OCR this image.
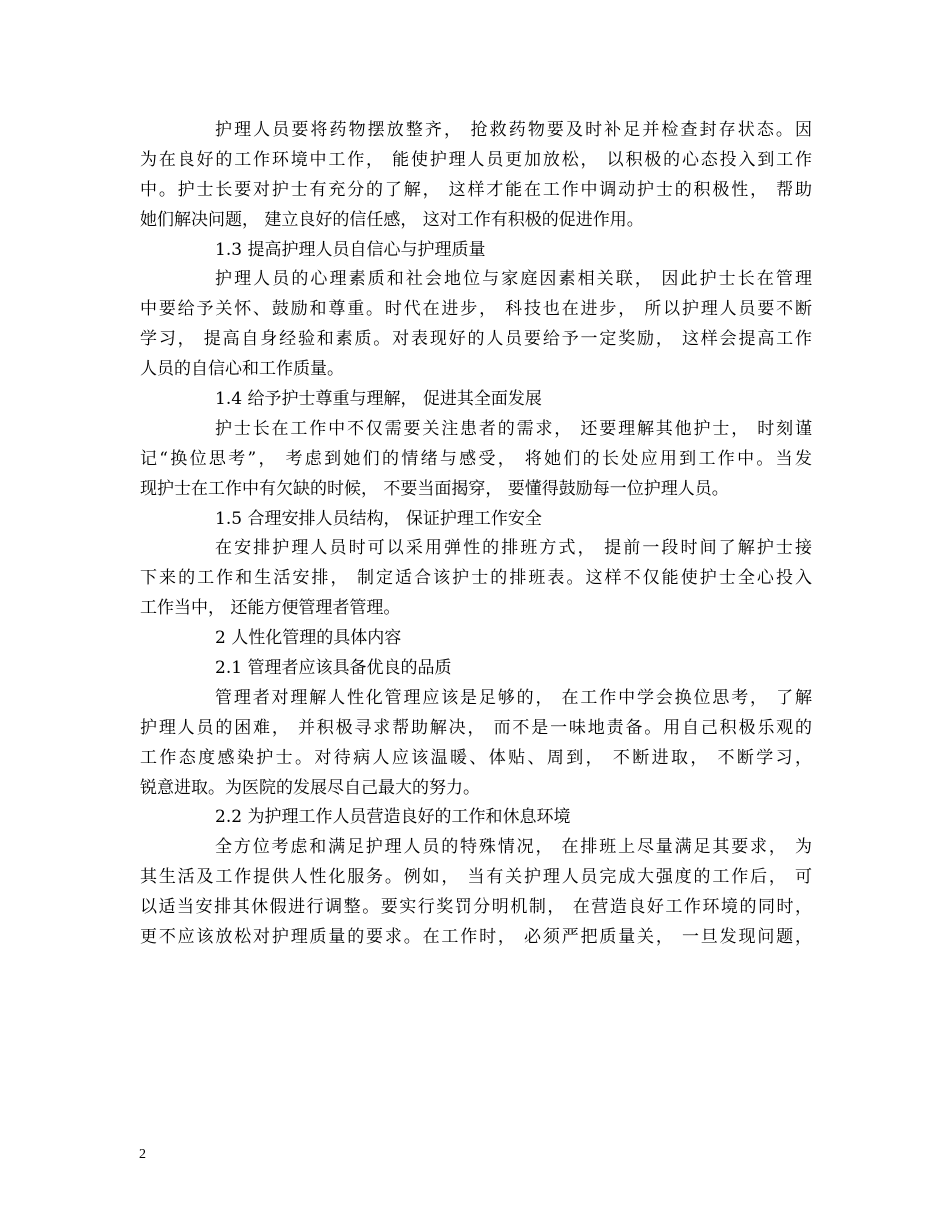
护理人员要将药物摆放整齐， 抢救药物要及时补足并检查封存状态。因
为在良好的工作环境中工作， 能使护理人员更加放松， 以积极的心态投入到工作
中。护士长要对护士有充分的了解， 这样才能在工作中调动护士的积极性， 帮助
她们解决问题， 建立良好的信任感， 这对工作有积极的促进作用。
1.3 提高护理人员自信心与护理质量
护理人员的心理素质和社会地位与家庭因素相关联， 因此护士长在管理
中要给予关怀、鼓励和尊重。时代在进步， 科技也在进步， 所以护理人员要不断
学习， 提高自身经验和素质。对表现好的人员要给予一定奖励， 这样会提高工作
人员的自信心和工作质量。
1.4 给予护士尊重与理解， 促进其全面发展
护士长在工作中不仅需要关注患者的需求， 还要理解其他护士， 时刻谨
记“换位思考”， 考虑到她们的情绪与感受， 将她们的长处应用到工作中。当发
现护士在工作中有欠缺的时候， 不要当面揭穿， 要懂得鼓励每一位护理人员。
1.5 合理安排人员结构， 保证护理工作安全
在安排护理人员时可以采用弹性的排班方式， 提前一段时间了解护士接
下来的工作和生活安排， 制定适合该护士的排班表。这样不仅能使护士全心投入
工作当中， 还能方便管理者管理。
2 人性化管理的具体内容
2.1 管理者应该具备优良的品质
管理者对理解人性化管理应该是足够的， 在工作中学会换位思考， 了解
护理人员的困难， 并积极寻求帮助解决， 而不是一味地责备。用自己积极乐观的
工作态度感染护士。对待病人应该温暖、体贴、周到， 不断进取， 不断学习，
锐意进取。为医院的发展尽自己最大的努力。
2.2 为护理工作人员营造良好的工作和休息环境
全方位考虑和满足护理人员的特殊情况， 在排班上尽量满足其要求， 为
其生活及工作提供人性化服务。例如， 当有关护理人员完成大强度的工作后， 可
以适当安排其休假进行调整。要实行奖罚分明机制， 在营造良好工作环境的同时，
更不应该放松对护理质量的要求。在工作时， 必须严把质量关， 一旦发现问题，
2
